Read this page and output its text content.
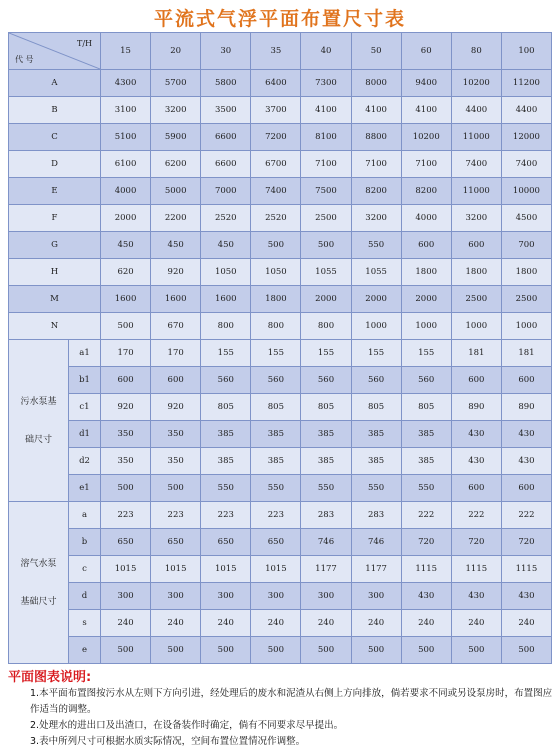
平流式气浮平面布置尺寸表
T/H
代 号		15	20	30	35	40	50	60	80	100
A		4300	5700	5800	6400	7300	8000	9400	10200	11200
B		3100	3200	3500	3700	4100	4100	4100	4400	4400
C		5100	5900	6600	7200	8100	8800	10200	11000	12000
D		6100	6200	6600	6700	7100	7100	7100	7400	7400
E		4000	5000	7000	7400	7500	8200	8200	11000	10000
F		2000	2200	2520	2520	2500	3200	4000	3200	4500
G		450	450	450	500	500	550	600	600	700
H		620	920	1050	1050	1055	1055	1800	1800	1800
M		1600	1600	1600	1800	2000	2000	2000	2500	2500
N		500	670	800	800	800	1000	1000	1000	1000

污水泵基
础尺寸	a1	170	170	155	155	155	155	155	181	181
	b1	600	600	560	560	560	560	560	600	600
	c1	920	920	805	805	805	805	805	890	890
	d1	350	350	385	385	385	385	385	430	430
	d2	350	350	385	385	385	385	385	430	430
	e1	500	500	550	550	550	550	550	600	600

溶气水泵
基础尺寸	a	223	223	223	223	283	283	222	222	222
	b	650	650	650	650	746	746	720	720	720
	c	1015	1015	1015	1015	1177	1177	1115	1115	1115
	d	300	300	300	300	300	300	430	430	430
	s	240	240	240	240	240	240	240	240	240
	e	500	500	500	500	500	500	500	500	500
平面图表说明:

1.本平面布置图按污水从左则下方向引进，经处理后的废水和泥渣从右侧上方向排放，倘若要求不同或另设泵房时，布置图应作适当的调整。

2.处理水的进出口及出渣口，在设备装作时确定，倘有不同要求尽早提出。

3.表中所列尺寸可根据水质实际情况，空间布置位置情况作调整。
